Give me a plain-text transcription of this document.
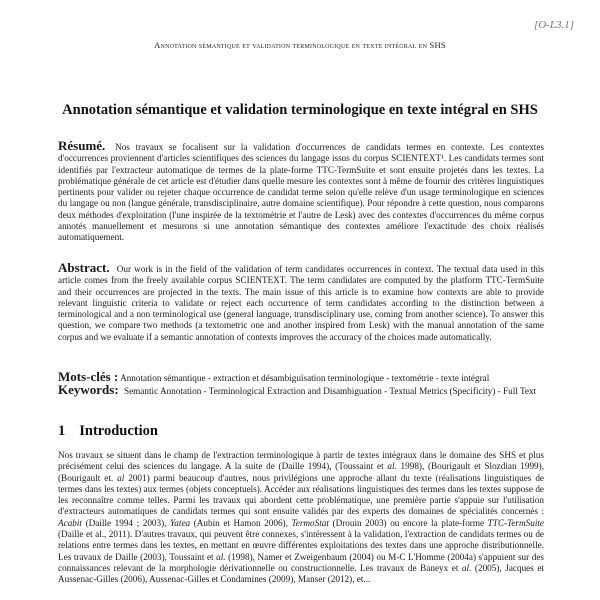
[O-L3.1]
Annotation sémantique et validation terminologique en texte intégral en SHS
Annotation sémantique et validation terminologique en texte intégral en SHS
Résumé. Nos travaux se focalisent sur la validation d'occurrences de candidats termes en contexte. Les contextes d'occurrences proviennent d'articles scientifiques des sciences du langage issus du corpus SCIENTEXT¹. Les candidats termes sont identifiés par l'extracteur automatique de termes de la plate-forme TTC-TermSuite et sont ensuite projetés dans les textes. La problématique générale de cet article est d'étudier dans quelle mesure les contextes sont à même de fournir des critères linguistiques pertinents pour valider ou rejeter chaque occurrence de candidat terme selon qu'elle relève d'un usage terminologique en sciences du langage ou non (langue générale, transdisciplinaire, autre domaine scientifique). Pour répondre à cette question, nous comparons deux méthodes d'exploitation (l'une inspirée de la textométrie et l'autre de Lesk) avec des contextes d'occurrences du même corpus annotés manuellement et mesurons si une annotation sémantique des contextes améliore l'exactitude des choix réalisés automatiquement.
Abstract. Our work is in the field of the validation of term candidates occurrences in context. The textual data used in this article comes from the freely available corpus SCIENTEXT. The term candidates are computed by the platform TTC-TermSuite and their occurrences are projected in the texts. The main issue of this article is to examine how contexts are able to provide relevant linguistic criteria to validate or reject each occurrence of term candidates according to the distinction between a terminological and a non terminological use (general language, transdisciplinary use, coming from another science). To answer this question, we compare two methods (a textometric one and another inspired from Lesk) with the manual annotation of the same corpus and we evaluate if a semantic annotation of contexts improves the accuracy of the choices made automatically.
Mots-clés : Annotation sémantique - extraction et désambiguïsation terminologique - textométrie - texte intégral
Keywords: Semantic Annotation - Terminological Extraction and Disambiguation - Textual Metrics (Specificity) - Full Text
1 Introduction
Nos travaux se situent dans le champ de l'extraction terminologique à partir de textes intégraux dans le domaine des SHS et plus précisément celui des sciences du langage. A la suite de (Daille 1994), (Toussaint et al. 1998), (Bourigault et Slozdian 1999), (Bourigault et. al 2001) parmi beaucoup d'autres, nous privilégions une approche allant du texte (réalisations linguistiques de termes dans les textes) aux termes (objets conceptuels). Accéder aux réalisations linguistiques des termes dans les textes suppose de les reconnaître comme telles. Parmi les travaux qui abordent cette problématique, une première partie s'appuie sur l'utilisation d'extracteurs automatiques de candidats termes qui sont ensuite validés par des experts des domaines de spécialités concernés : Acabit (Daille 1994 ; 2003), Yatea (Aubin et Hamon 2006), TermoStat (Drouin 2003) ou encore la plate-forme TTC-TermSuite (Daille et al., 2011). D'autres travaux, qui peuvent être connexes, s'intéressent à la validation, l'extraction de candidats termes ou de relations entre termes dans les textes, en mettant en œuvre différentes exploitations des textes dans une approche distributionnelle. Les travaux de Daille (2003), Toussaint et al. (1998), Namer et Zweigenbaum (2004) ou M-C L'Homme (2004a) s'appuient sur des connaissances relevant de la morphologie dérivationnelle ou constructionnelle. Les travaux de Baneyx et al. (2005), Jacques et Aussenac-Gilles (2006), Aussenac-Gilles et Condamines (2009), Manser (2012), et...
